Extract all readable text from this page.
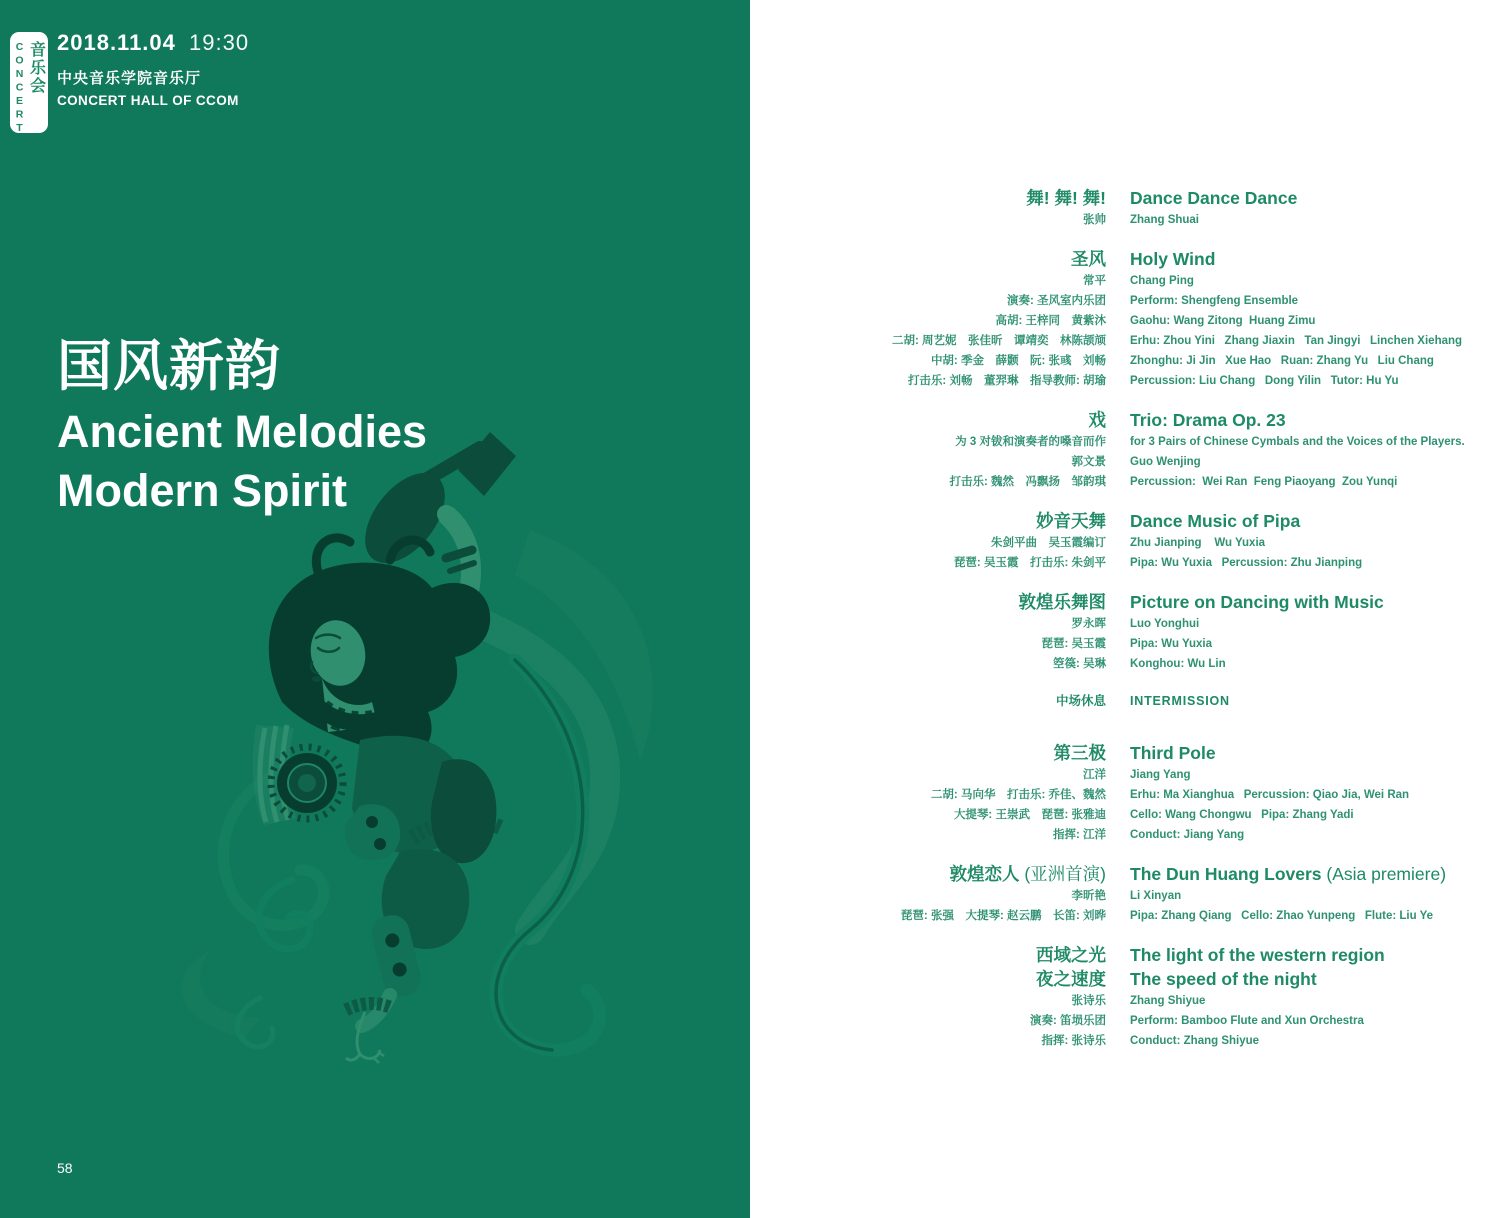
CONCERT 音乐会 2018.11.04 19:30
中央音乐学院音乐厅
CONCERT HALL OF CCOM
国风新韵
Ancient Melodies
Modern Spirit
58
舞! 舞! 舞! Dance Dance Dance
张帅 Zhang Shuai
圣风 Holy Wind
常平 Chang Ping
演奏: 圣风室内乐团 Perform: Shengfeng Ensemble
高胡: 王梓同　黄紫沐 Gaohu: Wang Zitong  Huang Zimu
二胡: 周艺妮　张佳昕　谭靖奕　林陈颉颃 Erhu: Zhou Yini   Zhang Jiaxin   Tan Jingyi   Linchen Xiehang
中胡: 季金　薛颢　阮: 张彧　刘畅 Zhonghu: Ji Jin   Xue Hao   Ruan: Zhang Yu   Liu Chang
打击乐: 刘畅　董羿琳　指导教师: 胡瑜 Percussion: Liu Chang   Dong Yilin   Tutor: Hu Yu
戏 Trio: Drama Op. 23
为 3 对钹和演奏者的嗓音而作 for 3 Pairs of Chinese Cymbals and the Voices of the Players.
郭文景 Guo Wenjing
打击乐: 魏然　冯飘扬　邹韵琪 Percussion:  Wei Ran  Feng Piaoyang  Zou Yunqi
妙音天舞 Dance Music of Pipa
朱剑平曲　吴玉霞编订 Zhu Jianping    Wu Yuxia
琵琶: 吴玉霞　打击乐: 朱剑平 Pipa: Wu Yuxia   Percussion: Zhu Jianping
敦煌乐舞图 Picture on Dancing with Music
罗永晖 Luo Yonghui
琵琶: 吴玉霞 Pipa: Wu Yuxia
箜篌: 吴琳 Konghou: Wu Lin
中场休息 INTERMISSION
第三极 Third Pole
江洋 Jiang Yang
二胡: 马向华　打击乐: 乔佳、魏然 Erhu: Ma Xianghua   Percussion: Qiao Jia, Wei Ran
大提琴: 王崇武　琵琶: 张雅迪 Cello: Wang Chongwu   Pipa: Zhang Yadi
指挥: 江洋 Conduct: Jiang Yang
敦煌恋人 (亚洲首演) The Dun Huang Lovers (Asia premiere)
李昕艳 Li Xinyan
琵琶: 张强　大提琴: 赵云鹏　长笛: 刘晔 Pipa: Zhang Qiang   Cello: Zhao Yunpeng   Flute: Liu Ye
西域之光 The light of the western region
夜之速度 The speed of the night
张诗乐 Zhang Shiyue
演奏: 笛埙乐团 Perform: Bamboo Flute and Xun Orchestra
指挥: 张诗乐 Conduct: Zhang Shiyue
